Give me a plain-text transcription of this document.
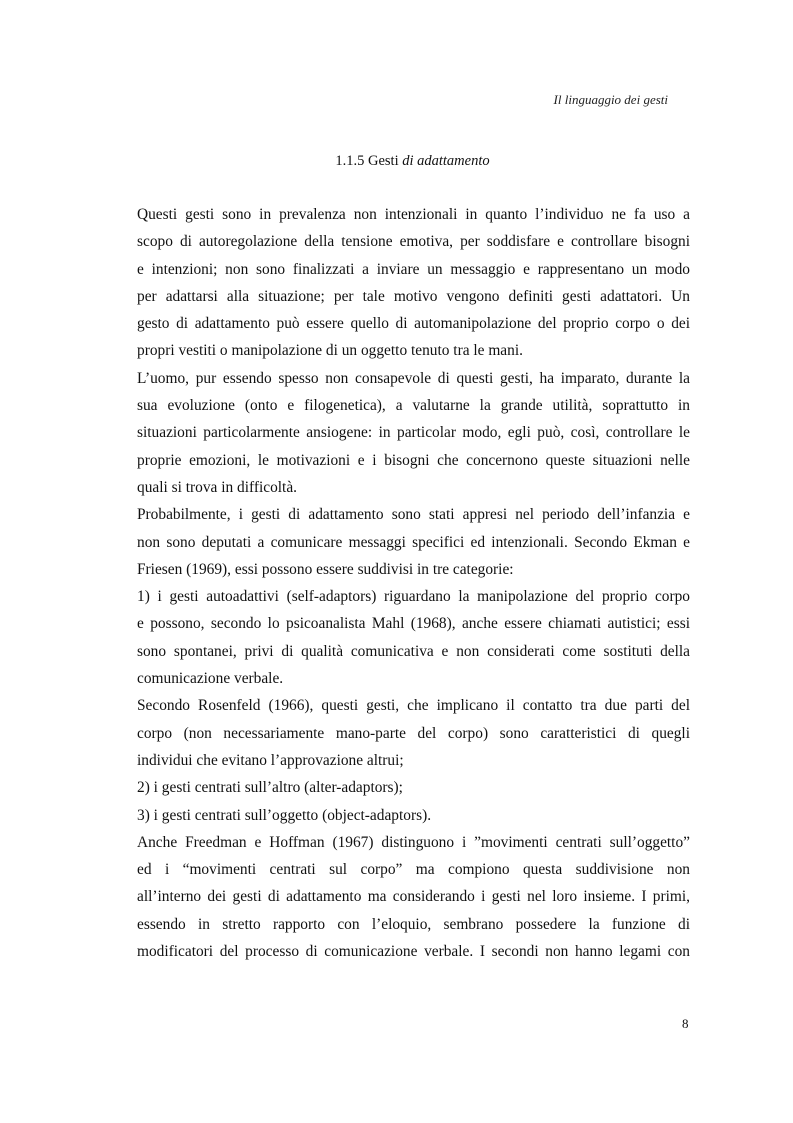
Il linguaggio dei gesti
1.1.5 Gesti di adattamento
Questi gesti sono in prevalenza non intenzionali in quanto l’individuo ne fa uso a
scopo di autoregolazione della tensione emotiva, per soddisfare e controllare bisogni
e intenzioni; non sono finalizzati a inviare un messaggio e rappresentano un modo
per adattarsi alla situazione; per tale motivo vengono definiti gesti adattatori. Un
gesto di adattamento può essere quello di automanipolazione del proprio corpo o dei
propri vestiti o manipolazione di un oggetto tenuto tra le mani.
L’uomo, pur essendo spesso non consapevole di questi gesti, ha imparato, durante la
sua evoluzione (onto e filogenetica), a valutarne la grande utilità, soprattutto in
situazioni particolarmente ansiogene: in particolar modo, egli può, così, controllare le
proprie emozioni, le motivazioni e i bisogni che concernono queste situazioni nelle
quali si trova in difficoltà.
Probabilmente, i gesti di adattamento sono stati appresi nel periodo dell’infanzia e
non sono deputati a comunicare messaggi specifici ed intenzionali. Secondo Ekman e
Friesen (1969), essi possono essere suddivisi in tre categorie:
1) i gesti autoadattivi (self-adaptors) riguardano la manipolazione del proprio corpo
e possono, secondo lo psicoanalista Mahl (1968), anche essere chiamati autistici; essi
sono spontanei, privi di qualità comunicativa e non considerati come sostituti della
comunicazione verbale.
Secondo Rosenfeld (1966), questi gesti, che implicano il contatto tra due parti del
corpo (non necessariamente mano-parte del corpo) sono caratteristici di quegli
individui che evitano l’approvazione altrui;
2) i gesti centrati sull’altro (alter-adaptors);
3) i gesti centrati sull’oggetto (object-adaptors).
Anche Freedman e Hoffman (1967) distinguono i ”movimenti centrati sull’oggetto”
ed i “movimenti centrati sul corpo” ma compiono questa suddivisione non
all’interno dei gesti di adattamento ma considerando i gesti nel loro insieme. I primi,
essendo in stretto rapporto con l’eloquio, sembrano possedere la funzione di
modificatori del processo di comunicazione verbale. I secondi non hanno legami con
8
